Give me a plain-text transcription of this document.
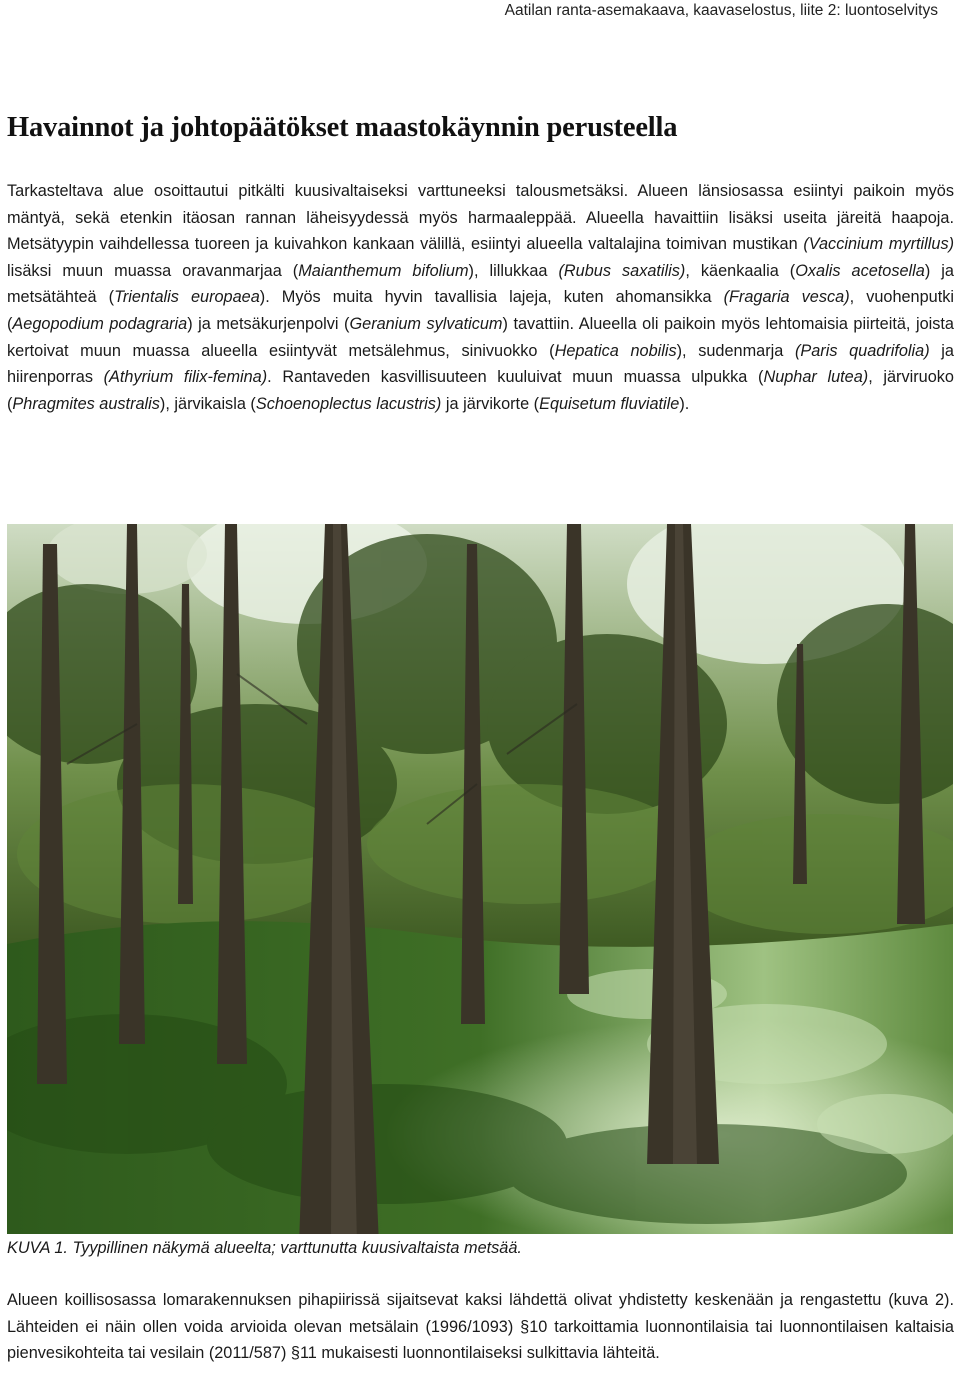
Aatilan ranta-asemakaava, kaavaselostus, liite 2: luontoselvitys
Havainnot ja johtopäätökset maastokäynnin perusteella

Tarkasteltava alue osoittautui pitkälti kuusivaltaiseksi varttuneeksi talousmetsäksi. Alueen länsiosassa esiintyi paikoin myös mäntyä, sekä etenkin itäosan rannan läheisyydessä myös harmaaleppää. Alueella havaittiin lisäksi useita järeitä haapoja. Metsätyypin vaihdellessa tuoreen ja kuivahkon kankaan välillä, esiintyi alueella valtalajina toimivan mustikan (Vaccinium myrtillus) lisäksi muun muassa oravanmarjaa (Maianthemum bifolium), lillukkaa (Rubus saxatilis), käenkaalia (Oxalis acetosella) ja metsätähteä (Trientalis europaea). Myös muita hyvin tavallisia lajeja, kuten ahomansikka (Fragaria vesca), vuohenputki (Aegopodium podagraria) ja metsäkurjenpolvi (Geranium sylvaticum) tavattiin. Alueella oli paikoin myös lehtomaisia piirteitä, joista kertoivat muun muassa alueella esiintyvät metsälehmus, sinivuokko (Hepatica nobilis), sudenmarja (Paris quadrifolia) ja hiirenporras (Athyrium filix-femina). Rantaveden kasvillisuuteen kuuluivat muun muassa ulpukka (Nuphar lutea), järviruoko (Phragmites australis), järvikaisla (Schoenoplectus lacustris) ja järvikorte (Equisetum fluviatile).

KUVA 1. Tyypillinen näkymä alueelta; varttunutta kuusivaltaista metsää.

Alueen koillisosassa lomarakennuksen pihapiirissä sijaitsevat kaksi lähdettä olivat yhdistetty keskenään ja rengastettu (kuva 2). Lähteiden ei näin ollen voida arvioida olevan metsälain (1996/1093) §10 tarkoittamia luonnontilaisia tai luonnontilaisen kaltaisia pienvesikohteita tai vesilain (2011/587) §11 mukaisesti luonnontilaiseksi sulkittavia lähteitä.
